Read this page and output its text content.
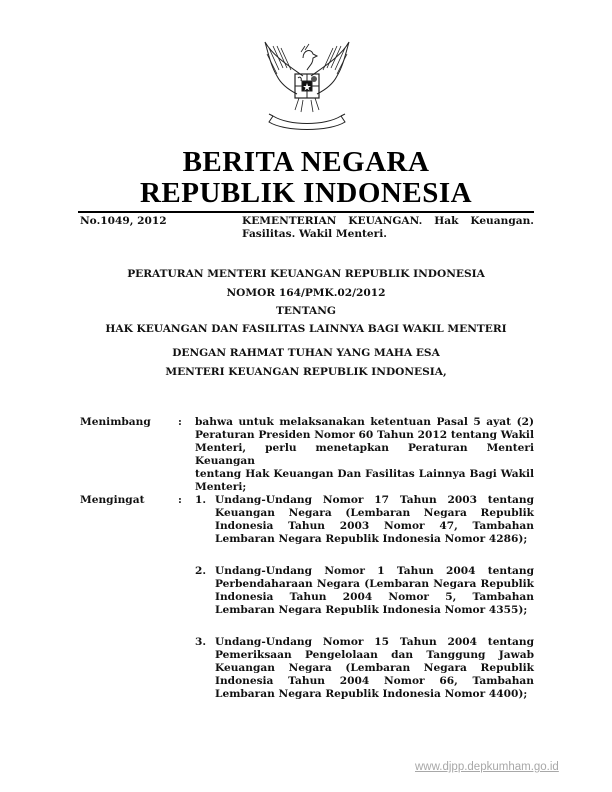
BERITA NEGARA
REPUBLIK INDONESIA
No.1049, 2012	KEMENTERIAN KEUANGAN. Hak Keuangan.
Fasilitas. Wakil Menteri.
PERATURAN MENTERI KEUANGAN REPUBLIK INDONESIA
NOMOR 164/PMK.02/2012
TENTANG
HAK KEUANGAN DAN FASILITAS LAINNYA BAGI WAKIL MENTERI
DENGAN RAHMAT TUHAN YANG MAHA ESA
MENTERI KEUANGAN REPUBLIK INDONESIA,
Menimbang	: bahwa untuk melaksanakan ketentuan Pasal 5 ayat (2)
Peraturan Presiden Nomor 60 Tahun 2012 tentang Wakil
Menteri, perlu menetapkan Peraturan Menteri Keuangan
tentang Hak Keuangan Dan Fasilitas Lainnya Bagi Wakil
Menteri;
Mengingat	: 1. Undang-Undang Nomor 17 Tahun 2003 tentang
Keuangan Negara (Lembaran Negara Republik
Indonesia Tahun 2003 Nomor 47, Tambahan
Lembaran Negara Republik Indonesia Nomor 4286);
2. Undang-Undang Nomor 1 Tahun 2004 tentang
Perbendaharaan Negara (Lembaran Negara Republik
Indonesia Tahun 2004 Nomor 5, Tambahan
Lembaran Negara Republik Indonesia Nomor 4355);
3. Undang-Undang Nomor 15 Tahun 2004 tentang
Pemeriksaan Pengelolaan dan Tanggung Jawab
Keuangan Negara (Lembaran Negara Republik
Indonesia Tahun 2004 Nomor 66, Tambahan
Lembaran Negara Republik Indonesia Nomor 4400);
www.djpp.depkumham.go.id
